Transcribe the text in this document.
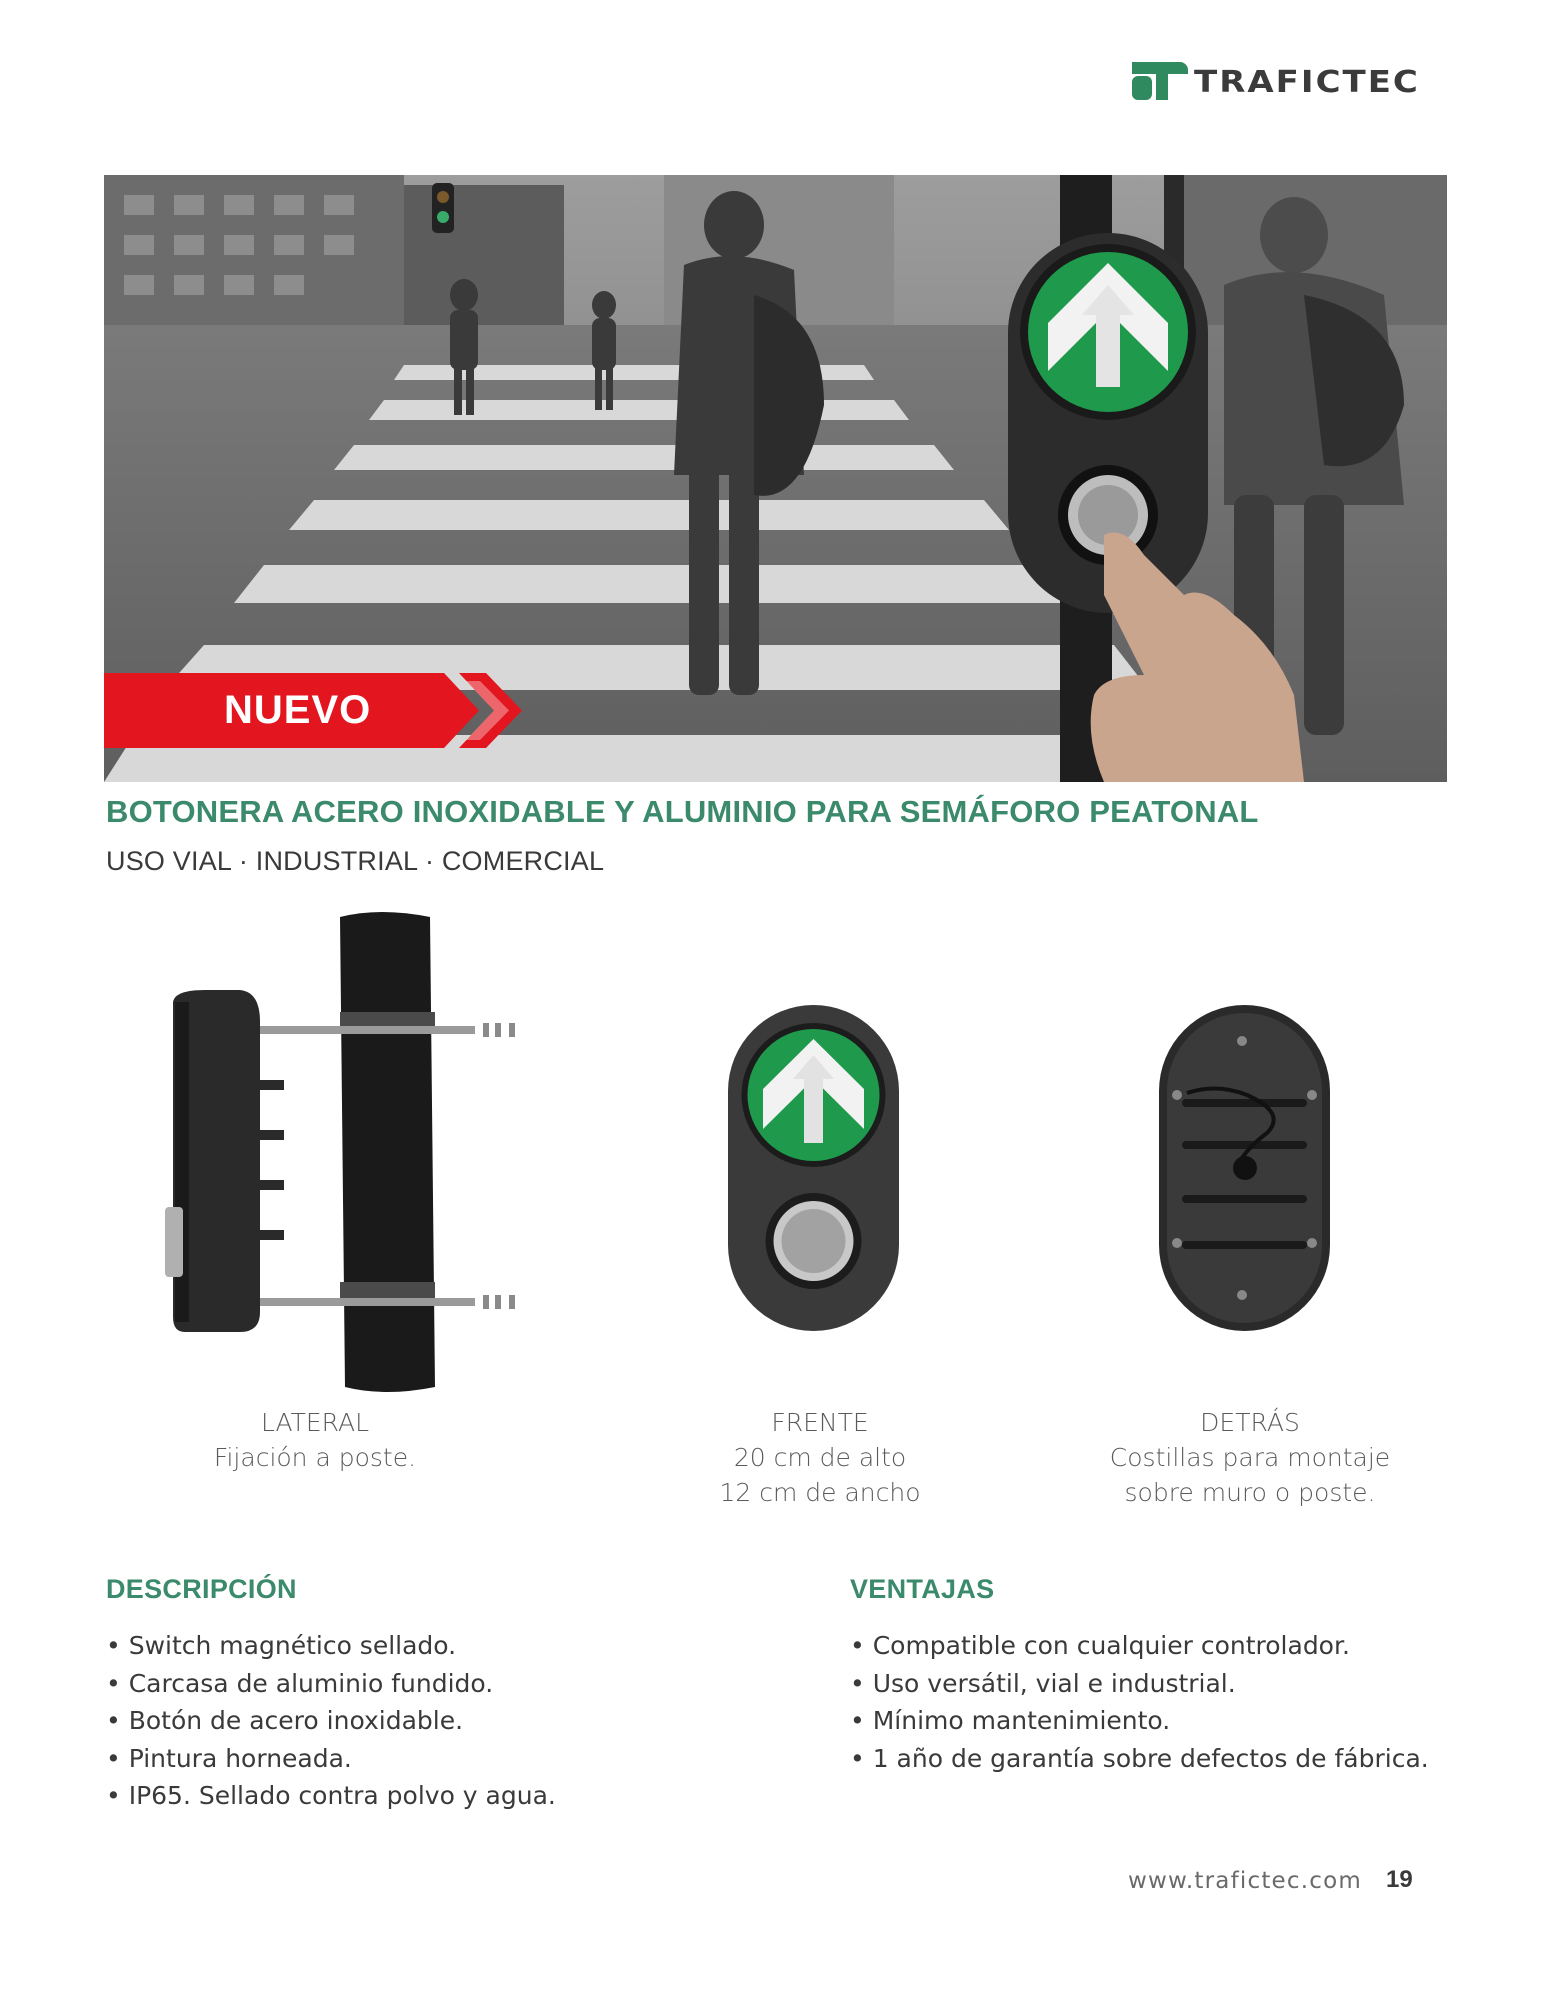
TRAFICTEC
NUEVO
BOTONERA ACERO INOXIDABLE Y ALUMINIO PARA SEMÁFORO PEATONAL
USO VIAL · INDUSTRIAL · COMERCIAL
LATERAL
Fijación a poste.
FRENTE
20 cm de alto
12 cm de ancho
DETRÁS
Costillas para montaje
sobre muro o poste.
DESCRIPCIÓN
• Switch magnético sellado.
• Carcasa de aluminio fundido.
• Botón de acero inoxidable.
• Pintura horneada.
• IP65. Sellado contra polvo y agua.
VENTAJAS
• Compatible con cualquier controlador.
• Uso versátil, vial e industrial.
• Mínimo mantenimiento.
• 1 año de garantía sobre defectos de fábrica.
www.trafictec.com 19
